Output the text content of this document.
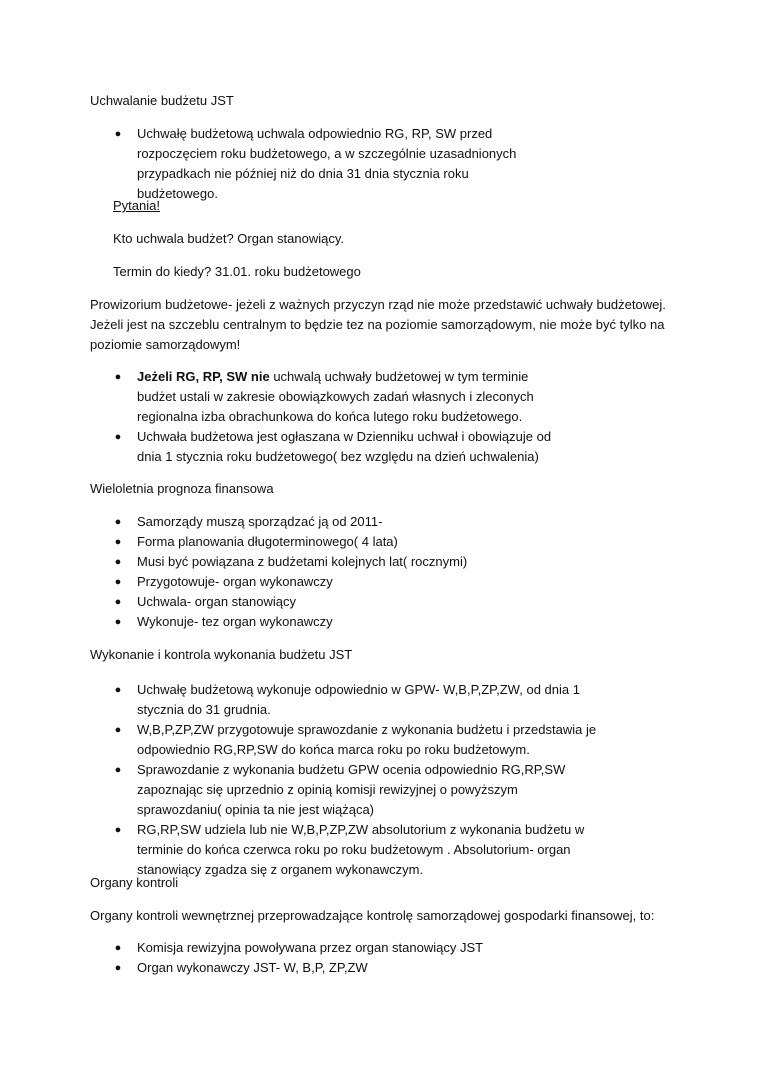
Uchwalanie budżetu JST

● Uchwałę budżetową uchwala odpowiednio RG, RP, SW przed rozpoczęciem roku budżetowego, a w szczególnie uzasadnionych przypadkach nie później niż do dnia 31 dnia stycznia roku budżetowego.

Pytania!

Kto uchwala budżet? Organ stanowiący.

Termin do kiedy? 31.01. roku budżetowego

Prowizorium budżetowe- jeżeli z ważnych przyczyn rząd nie może przedstawić uchwały budżetowej. Jeżeli jest na szczeblu centralnym to będzie tez na poziomie samorządowym, nie może być tylko na poziomie samorządowym!

● Jeżeli RG, RP, SW nie uchwalą uchwały budżetowej w tym terminie budżet ustali w zakresie obowiązkowych zadań własnych i zleconych regionalna izba obrachunkowa do końca lutego roku budżetowego.
● Uchwała budżetowa jest ogłaszana w Dzienniku uchwał i obowiązuje od dnia 1 stycznia roku budżetowego( bez względu na dzień uchwalenia)

Wieloletnia prognoza finansowa

● Samorządy muszą sporządzać ją od 2011-
● Forma planowania długoterminowego( 4 lata)
● Musi być powiązana z budżetami kolejnych lat( rocznymi)
● Przygotowuje- organ wykonawczy
● Uchwala- organ stanowiący
● Wykonuje- tez organ wykonawczy

Wykonanie i kontrola wykonania budżetu JST

● Uchwałę budżetową wykonuje odpowiednio w GPW- W,B,P,ZP,ZW, od dnia 1 stycznia do 31 grudnia.
● W,B,P,ZP,ZW przygotowuje sprawozdanie z wykonania budżetu i przedstawia je odpowiednio RG,RP,SW do końca marca roku po roku budżetowym.
● Sprawozdanie z wykonania budżetu GPW ocenia odpowiednio RG,RP,SW zapoznając się uprzednio z opinią komisji rewizyjnej o powyższym sprawozdaniu( opinia ta nie jest wiążąca)
● RG,RP,SW udziela lub nie W,B,P,ZP,ZW absolutorium z wykonania budżetu w terminie do końca czerwca roku po roku budżetowym . Absolutorium- organ stanowiący zgadza się z organem wykonawczym.

Organy kontroli

Organy kontroli wewnętrznej przeprowadzające kontrolę samorządowej gospodarki finansowej, to:

● Komisja rewizyjna powoływana przez organ stanowiący JST
● Organ wykonawczy JST- W, B,P, ZP,ZW
